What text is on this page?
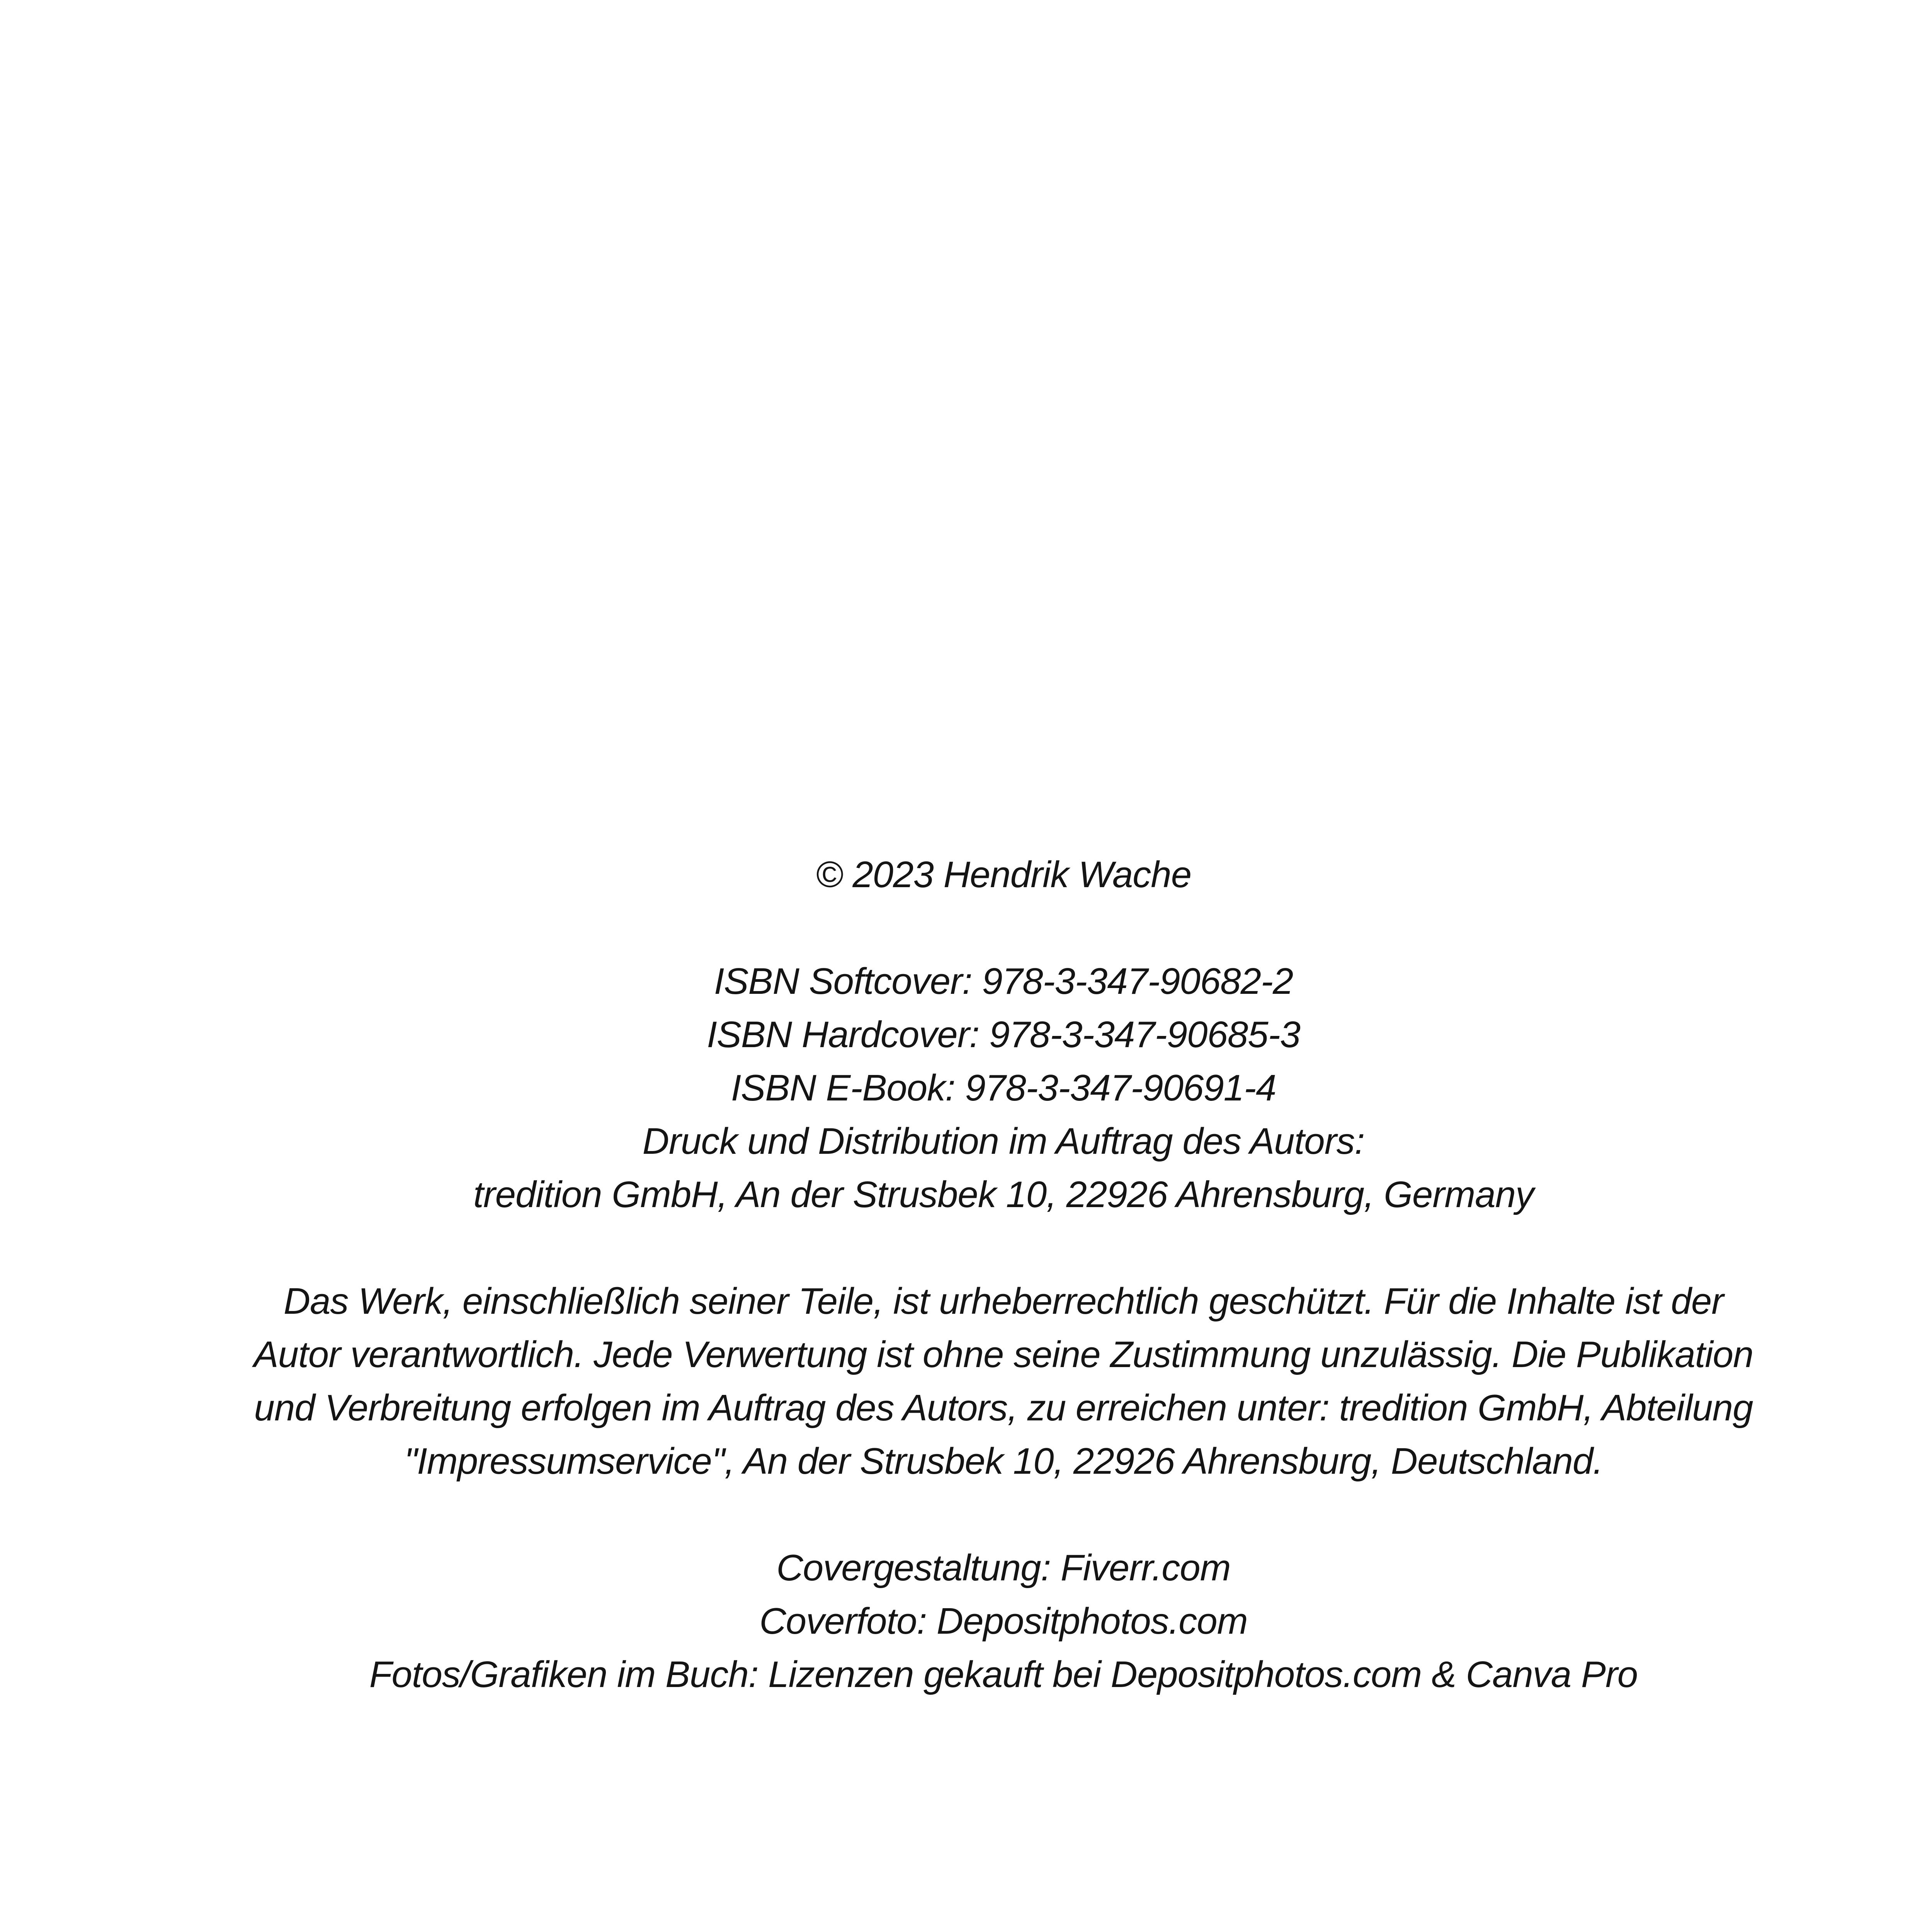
© 2023 Hendrik Wache
ISBN Softcover: 978-3-347-90682-2
ISBN Hardcover: 978-3-347-90685-3
ISBN E-Book: 978-3-347-90691-4
Druck und Distribution im Auftrag des Autors:
tredition GmbH, An der Strusbek 10, 22926 Ahrensburg, Germany
Das Werk, einschließlich seiner Teile, ist urheberrechtlich geschützt. Für die Inhalte ist der
Autor verantwortlich. Jede Verwertung ist ohne seine Zustimmung unzulässig. Die Publikation
und Verbreitung erfolgen im Auftrag des Autors, zu erreichen unter: tredition GmbH, Abteilung
"Impressumservice", An der Strusbek 10, 22926 Ahrensburg, Deutschland.
Covergestaltung: Fiverr.com
Coverfoto: Depositphotos.com
Fotos/Grafiken im Buch: Lizenzen gekauft bei Depositphotos.com & Canva Pro
